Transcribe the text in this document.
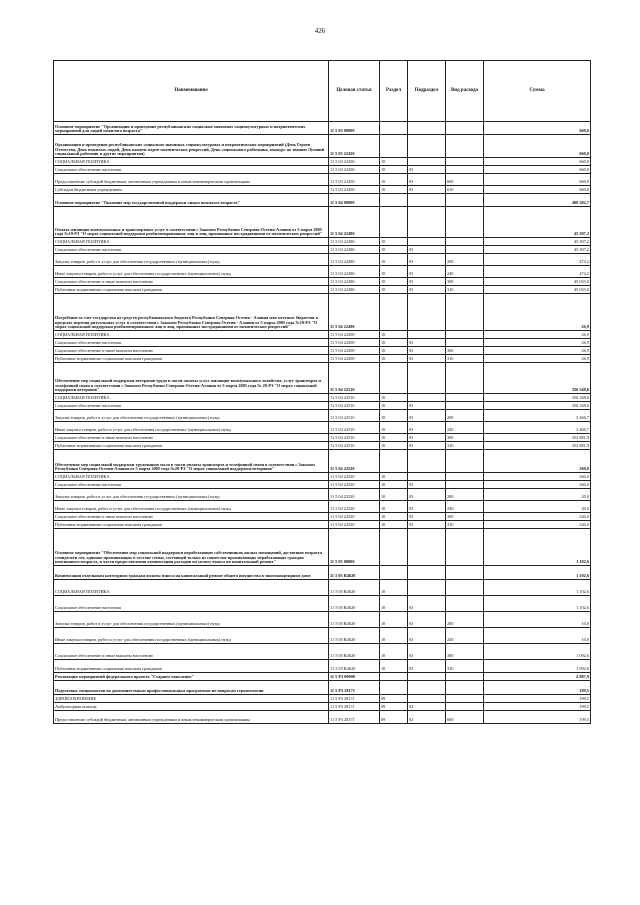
426
Наименование	Целевая статья	Раздел	Подраздел	Вид расхода	Сумма
Основное мероприятие "Организация и проведение республиканских социально значимых социокультурных и патриотических мероприятий для людей пожилого возраста"	11 5 03 00000				660,0
Организация и проведение республиканских социально значимых социокультурных и патриотических мероприятий (День Героев Отечества, День пожилых людей, День памяти жертв политических репрессий, День социального работника, конкурс по званию Лучший социальный работник и другие мероприятия)	11 5 03 22450				660,0
СОЦИАЛЬНАЯ ПОЛИТИКА	11 5 03 22450	10			660,0
Социальное обеспечение населения	11 5 03 22450	10	03		660,0
Предоставление субсидий бюджетным, автономным учреждениям и иным некоммерческим организациям	11 5 03 22450	10	03	600	660,0
Субсидии бюджетным учреждениям	11 5 03 22450	10	03	610	660,0
Основное мероприятие "Оказание мер государственной поддержки лицам пожилого возраста"	11 5 04 00000				400 202,7
Оплата жилищно-коммунальных и транспортных услуг в соответствии с Законом Республики Северная Осетия-Алания от 5 марта 2005 года №19-РЗ "О мерах социальной поддержки реабилитированных лиц и лиц, признанных пострадавшими от политических репрессий"	11 5 04 22480				45 507,2
СОЦИАЛЬНАЯ ПОЛИТИКА	11 5 04 22480	10			45 507,2
Социальное обеспечение населения	11 5 04 22480	10	03		45 507,2
Закупка товаров, работ и услуг для обеспечения государственных (муниципальных) нужд	11 5 04 22480	10	03	200	474,2
Иные закупки товаров, работ и услуг для обеспечения государственных (муниципальных) нужд	11 5 04 22480	10	03	240	474,2
Социальное обеспечение и иные выплаты населению	11 5 04 22480	10	03	300	45 033,0
Публичные нормативные социальные выплаты гражданам	11 5 04 22480	10	03	310	45 033,0
Погребение за счет государства из средств республиканского бюджета Республики Северная Осетия - Алания или местных бюджетов в пределах перечня ритуальных услуг в соответствии с Законом Республики Северная Осетия - Алания от 5 марта 2005 года №19-РЗ "О мерах социальной поддержки реабилитированных лиц и лиц, признанных пострадавшими от политических репрессий"	11 5 04 22490				26,9
СОЦИАЛЬНАЯ ПОЛИТИКА	11 5 04 22490	10			26,9
Социальное обеспечение населения	11 5 04 22490	10	03		26,9
Социальное обеспечение и иные выплаты населению	11 5 04 22490	10	03	300	26,9
Публичные нормативные социальные выплаты гражданам	11 5 04 22490	10	03	310	26,9
Обеспечение мер социальной поддержки ветеранов труда в части оплаты услуг жилищно-коммунального хозяйства, услуг транспорта и телефонной связи в соответствии с Законом Республики Северная Осетия-Алания от 5 марта 2005 года № 20-РЗ "О мерах социальной поддержки ветеранов"	11 5 04 22510				356 348,6
СОЦИАЛЬНАЯ ПОЛИТИКА	11 5 04 22510	10			356 348,6
Социальное обеспечение населения	11 5 04 22510	10	03		356 348,6
Закупка товаров, работ и услуг для обеспечения государственных (муниципальных) нужд	11 5 04 22510	10	03	200	3 466,7
Иные закупки товаров, работ и услуг для обеспечения государственных (муниципальных) нужд	11 5 04 22510	10	03	240	3 466,7
Социальное обеспечение и иные выплаты населению	11 5 04 22510	10	03	300	352 881,9
Публичные нормативные социальные выплаты гражданам	11 5 04 22510	10	03	310	352 881,9
Обеспечение мер социальной поддержки тружеников тыла в части оплаты транспорта и телефонной связи в соответствии с Законом Республики Северная Осетия-Алания от 5 марта 2005 года №20-РЗ "О мерах социальной поддержки ветеранов"	11 5 04 22520				260,0
СОЦИАЛЬНАЯ ПОЛИТИКА	11 5 04 22520	10			260,0
Социальное обеспечение населения	11 5 04 22520	10	03		260,0
Закупка товаров, работ и услуг для обеспечения государственных (муниципальных) нужд	11 5 04 22520	10	03	200	20,0
Иные закупки товаров, работ и услуг для обеспечения государственных (муниципальных) нужд	11 5 04 22520	10	03	240	20,0
Социальное обеспечение и иные выплаты населению	11 5 04 22520	10	03	300	240,0
Публичные нормативные социальные выплаты гражданам	11 5 04 22520	10	03	310	240,0
Основное мероприятие "Обеспечение мер социальной поддержки неработающих собственников жилых помещений, достигших возраста семидесяти лет, одиноко проживающих в составе семьи, состоящей только из совместно проживающих неработающих граждан пенсионного возраста, в части предоставления компенсации расходов на уплату взноса на капитальный ремонт"	11 5 05 00000				1 102,6
Компенсация отдельным категориям граждан оплаты взноса на капитальный ремонт общего имущества в многоквартирном доме	11 5 05 R4620				1 102,6
СОЦИАЛЬНАЯ ПОЛИТИКА	11 5 05 R4620	10			1 102,6
Социальное обеспечение населения	11 5 05 R4620	10	03		1 102,6
Закупка товаров, работ и услуг для обеспечения государственных (муниципальных) нужд	11 5 05 R4620	10	03	200	10,0
Иные закупки товаров, работ и услуг для обеспечения государственных (муниципальных) нужд	11 5 05 R4620	10	03	240	10,0
Социальное обеспечение и иные выплаты населению	11 5 05 R4620	10	03	300	1 092,6
Публичные нормативные социальные выплаты гражданам	11 5 05 R4620	10	03	310	1 092,6
Реализация мероприятий федерального проекта "Старшее поколение"	11 5 P3 00000				4 887,9
Подготовка специалистов по дополнительным профессиональным программам по вопросам геронтологии	11 5 P3 28171				199,5
ЗДРАВООХРАНЕНИЕ	11 5 P3 28171	09			199,5
Амбулаторная помощь	11 5 P3 28171	09	02		199,5
Предоставление субсидий бюджетным, автономным учреждениям и иным некоммерческим организациям	11 5 P3 28171	09	02	600	199,5
